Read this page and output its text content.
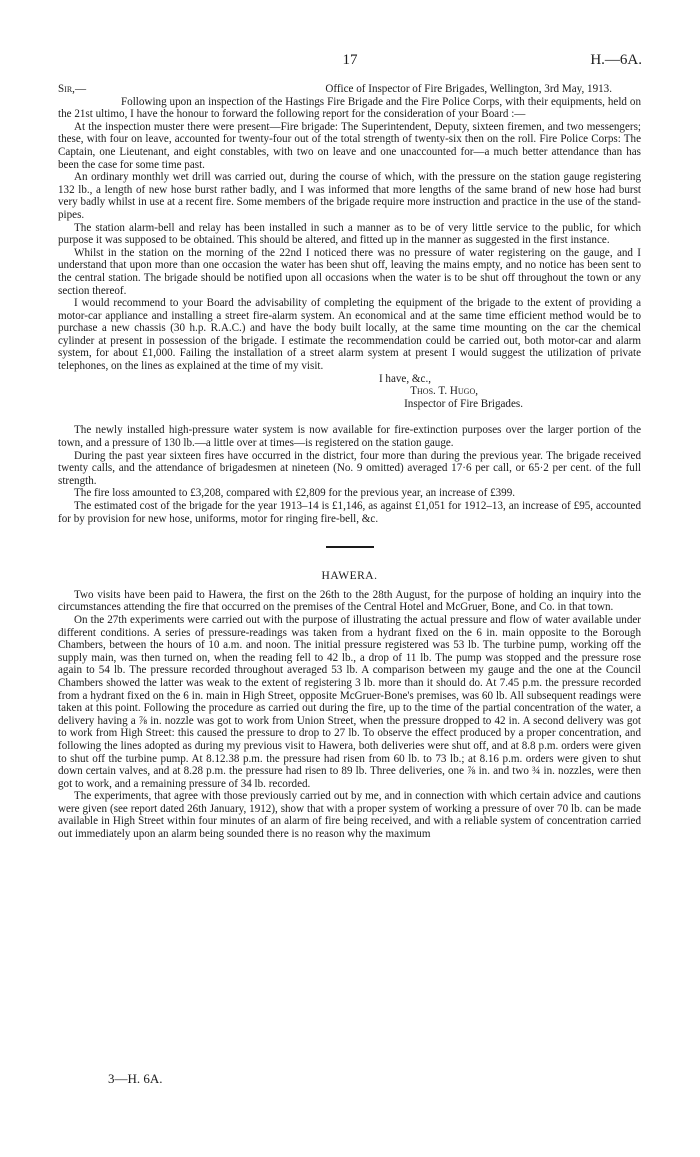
17	H.—6A.
Sir,—	Office of Inspector of Fire Brigades, Wellington, 3rd May, 1913.

Following upon an inspection of the Hastings Fire Brigade and the Fire Police Corps, with their equipments, held on the 21st ultimo, I have the honour to forward the following report for the consideration of your Board :—

At the inspection muster there were present—Fire brigade: The Superintendent, Deputy, sixteen firemen, and two messengers; these, with four on leave, accounted for twenty-four out of the total strength of twenty-six then on the roll. Fire Police Corps: The Captain, one Lieutenant, and eight constables, with two on leave and one unaccounted for—a much better attendance than has been the case for some time past.

An ordinary monthly wet drill was carried out, during the course of which, with the pressure on the station gauge registering 132 lb., a length of new hose burst rather badly, and I was informed that more lengths of the same brand of new hose had burst very badly whilst in use at a recent fire. Some members of the brigade require more instruction and practice in the use of the stand-pipes.

The station alarm-bell and relay has been installed in such a manner as to be of very little service to the public, for which purpose it was supposed to be obtained. This should be altered, and fitted up in the manner as suggested in the first instance.

Whilst in the station on the morning of the 22nd I noticed there was no pressure of water registering on the gauge, and I understand that upon more than one occasion the water has been shut off, leaving the mains empty, and no notice has been sent to the central station. The brigade should be notified upon all occasions when the water is to be shut off throughout the town or any section thereof.

I would recommend to your Board the advisability of completing the equipment of the brigade to the extent of providing a motor-car appliance and installing a street fire-alarm system. An economical and at the same time efficient method would be to purchase a new chassis (30 h.p. R.A.C.) and have the body built locally, at the same time mounting on the car the chemical cylinder at present in possession of the brigade. I estimate the recommendation could be carried out, both motor-car and alarm system, for about £1,000. Failing the installation of a street alarm system at present I would suggest the utilization of private telephones, on the lines as explained at the time of my visit.

I have, &c.,
Thos. T. Hugo,
Inspector of Fire Brigades.

The newly installed high-pressure water system is now available for fire-extinction purposes over the larger portion of the town, and a pressure of 130 lb.—a little over at times—is registered on the station gauge.

During the past year sixteen fires have occurred in the district, four more than during the previous year. The brigade received twenty calls, and the attendance of brigadesmen at nineteen (No. 9 omitted) averaged 17·6 per call, or 65·2 per cent. of the full strength.

The fire loss amounted to £3,208, compared with £2,809 for the previous year, an increase of £399.

The estimated cost of the brigade for the year 1913–14 is £1,146, as against £1,051 for 1912–13, an increase of £95, accounted for by provision for new hose, uniforms, motor for ringing fire-bell, &c.

HAWERA.

Two visits have been paid to Hawera, the first on the 26th to the 28th August, for the purpose of holding an inquiry into the circumstances attending the fire that occurred on the premises of the Central Hotel and McGruer, Bone, and Co. in that town.

On the 27th experiments were carried out with the purpose of illustrating the actual pressure and flow of water available under different conditions. A series of pressure-readings was taken from a hydrant fixed on the 6 in. main opposite to the Borough Chambers, between the hours of 10 a.m. and noon. The initial pressure registered was 53 lb. The turbine pump, working off the supply main, was then turned on, when the reading fell to 42 lb., a drop of 11 lb. The pump was stopped and the pressure rose again to 54 lb. The pressure recorded throughout averaged 53 lb. A comparison between my gauge and the one at the Council Chambers showed the latter was weak to the extent of registering 3 lb. more than it should do. At 7.45 p.m. the pressure recorded from a hydrant fixed on the 6 in. main in High Street, opposite McGruer-Bone's premises, was 60 lb. All subsequent readings were taken at this point. Following the procedure as carried out during the fire, up to the time of the partial concentration of the water, a delivery having a ⅞ in. nozzle was got to work from Union Street, when the pressure dropped to 42 in. A second delivery was got to work from High Street: this caused the pressure to drop to 27 lb. To observe the effect produced by a proper concentration, and following the lines adopted as during my previous visit to Hawera, both deliveries were shut off, and at 8.8 p.m. orders were given to shut off the turbine pump. At 8.12.38 p.m. the pressure had risen from 60 lb. to 73 lb.; at 8.16 p.m. orders were given to shut down certain valves, and at 8.28 p.m. the pressure had risen to 89 lb. Three deliveries, one ⅞ in. and two ¾ in. nozzles, were then got to work, and a remaining pressure of 34 lb. recorded.

The experiments, that agree with those previously carried out by me, and in connection with which certain advice and cautions were given (see report dated 26th January, 1912), show that with a proper system of working a pressure of over 70 lb. can be made available in High Street within four minutes of an alarm of fire being received, and with a reliable system of concentration carried out immediately upon an alarm being sounded there is no reason why the maximum

3—H. 6A.
